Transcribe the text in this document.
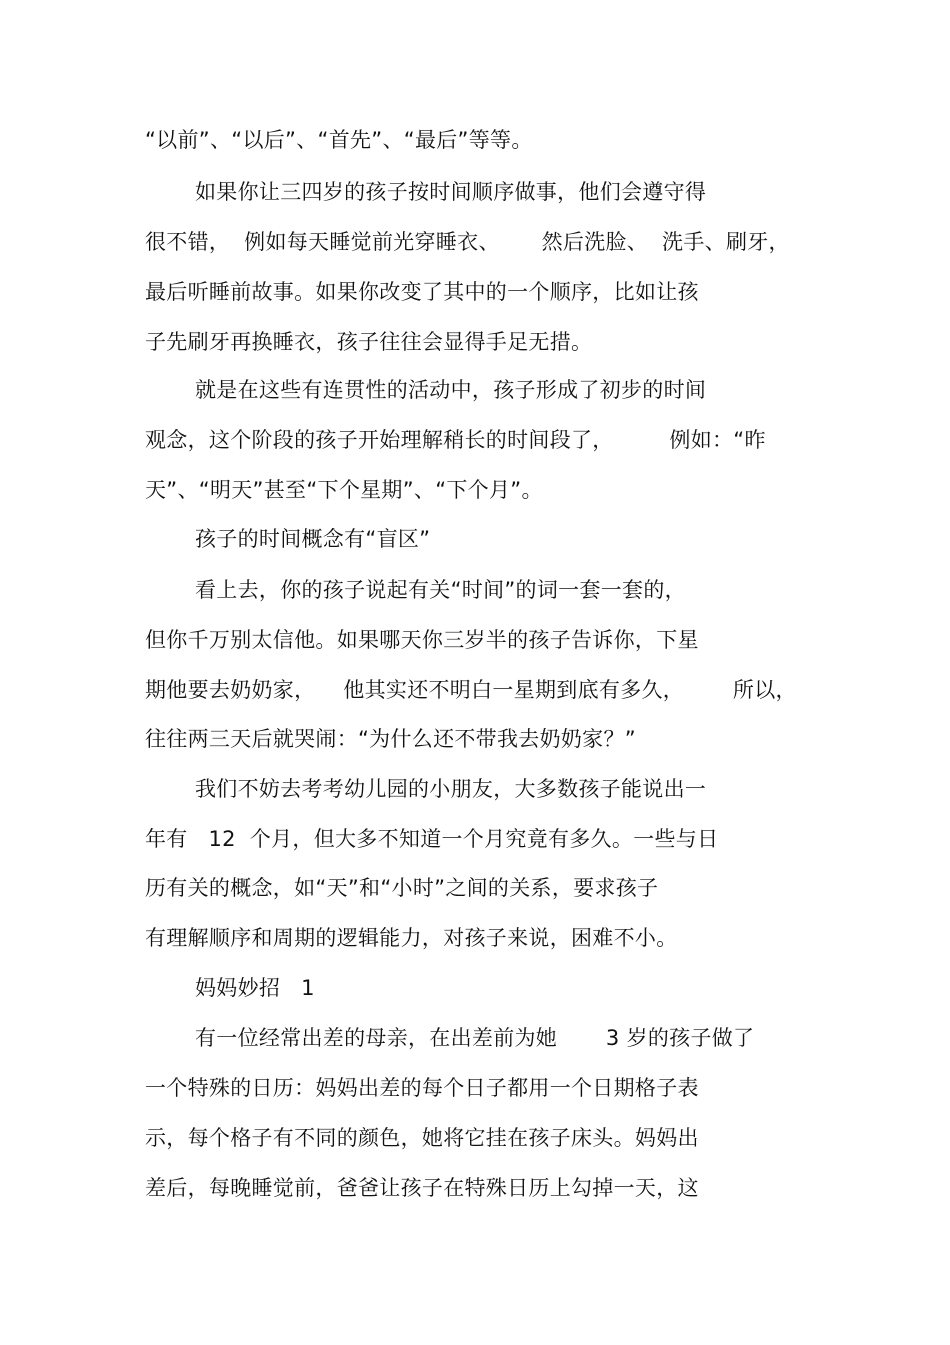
“以前”、“以后”、“首先”、“最后”等等。
如果你让三四岁的孩子按时间顺序做事，他们会遵守得
很不错，  例如每天睡觉前光穿睡衣、      然后洗脸、  洗手、刷牙，
最后听睡前故事。如果你改变了其中的一个顺序，比如让孩
子先刷牙再换睡衣，孩子往往会显得手足无措。
就是在这些有连贯性的活动中，孩子形成了初步的时间
观念，这个阶段的孩子开始理解稍长的时间段了，        例如：“昨
天”、“明天”甚至“下个星期”、“下个月”。
孩子的时间概念有“盲区”
看上去，你的孩子说起有关“时间”的词一套一套的，
但你千万别太信他。如果哪天你三岁半的孩子告诉你，下星
期他要去奶奶家，    他其实还不明白一星期到底有多久，       所以，
往往两三天后就哭闹：“为什么还不带我去奶奶家？”
我们不妨去考考幼儿园的小朋友，大多数孩子能说出一
年有   12  个月，但大多不知道一个月究竟有多久。一些与日
历有关的概念，如“天”和“小时”之间的关系，要求孩子
有理解顺序和周期的逻辑能力，对孩子来说，困难不小。
妈妈妙招   1
有一位经常出差的母亲，在出差前为她       3 岁的孩子做了
一个特殊的日历：妈妈出差的每个日子都用一个日期格子表
示，每个格子有不同的颜色，她将它挂在孩子床头。妈妈出
差后，每晚睡觉前，爸爸让孩子在特殊日历上勾掉一天，这
